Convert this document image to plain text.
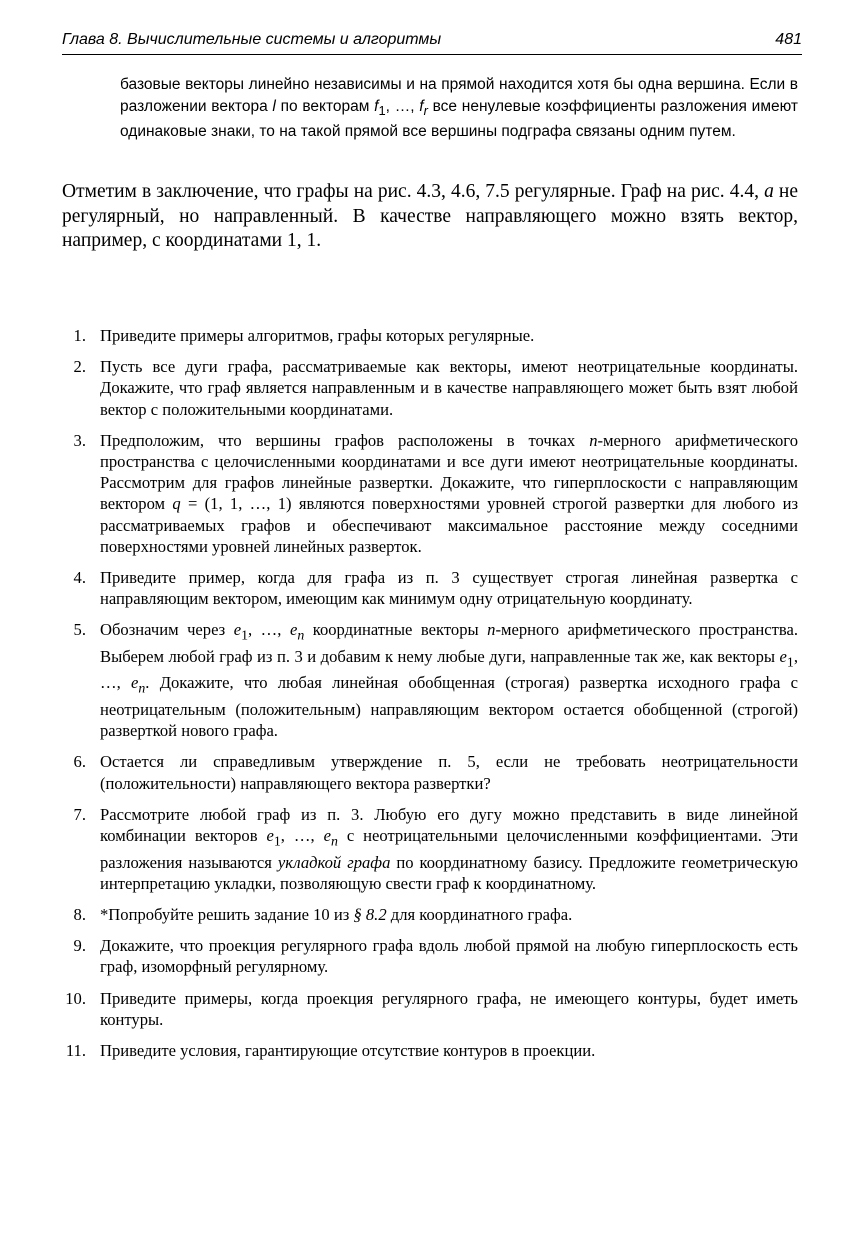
Глава 8. Вычислительные системы и алгоритмы	481
базовые векторы линейно независимы и на прямой находится хотя бы одна вершина. Если в разложении вектора l по векторам $f_1$, …, $f_r$ все ненулевые коэффициенты разложения имеют одинаковые знаки, то на такой прямой все вершины подграфа связаны одним путем.
Отметим в заключение, что графы на рис. 4.3, 4.6, 7.5 регулярные. Граф на рис. 4.4, а не регулярный, но направленный. В качестве направляющего можно взять вектор, например, с координатами 1, 1.
1. Приведите примеры алгоритмов, графы которых регулярные.
2. Пусть все дуги графа, рассматриваемые как векторы, имеют неотрицательные координаты. Докажите, что граф является направленным и в качестве направляющего может быть взят любой вектор с положительными координатами.
3. Предположим, что вершины графов расположены в точках n-мерного арифметического пространства с целочисленными координатами и все дуги имеют неотрицательные координаты. Рассмотрим для графов линейные развертки. Докажите, что гиперплоскости с направляющим вектором q = (1, 1, …, 1) являются поверхностями уровней строгой развертки для любого из рассматриваемых графов и обеспечивают максимальное расстояние между соседними поверхностями уровней линейных разверток.
4. Приведите пример, когда для графа из п. 3 существует строгая линейная развертка с направляющим вектором, имеющим как минимум одну отрицательную координату.
5. Обозначим через $e_1$, …, $e_n$ координатные векторы n-мерного арифметического пространства. Выберем любой граф из п. 3 и добавим к нему любые дуги, направленные так же, как векторы $e_1$, …, $e_n$. Докажите, что любая линейная обобщенная (строгая) развертка исходного графа с неотрицательным (положительным) направляющим вектором остается обобщенной (строгой) разверткой нового графа.
6. Остается ли справедливым утверждение п. 5, если не требовать неотрицательности (положительности) направляющего вектора развертки?
7. Рассмотрите любой граф из п. 3. Любую его дугу можно представить в виде линейной комбинации векторов $e_1$, …, $e_n$ с неотрицательными целочисленными коэффициентами. Эти разложения называются укладкой графа по координатному базису. Предложите геометрическую интерпретацию укладки, позволяющую свести граф к координатному.
8. *Попробуйте решить задание 10 из § 8.2 для координатного графа.
9. Докажите, что проекция регулярного графа вдоль любой прямой на любую гиперплоскость есть граф, изоморфный регулярному.
10. Приведите примеры, когда проекция регулярного графа, не имеющего контуры, будет иметь контуры.
11. Приведите условия, гарантирующие отсутствие контуров в проекции.
